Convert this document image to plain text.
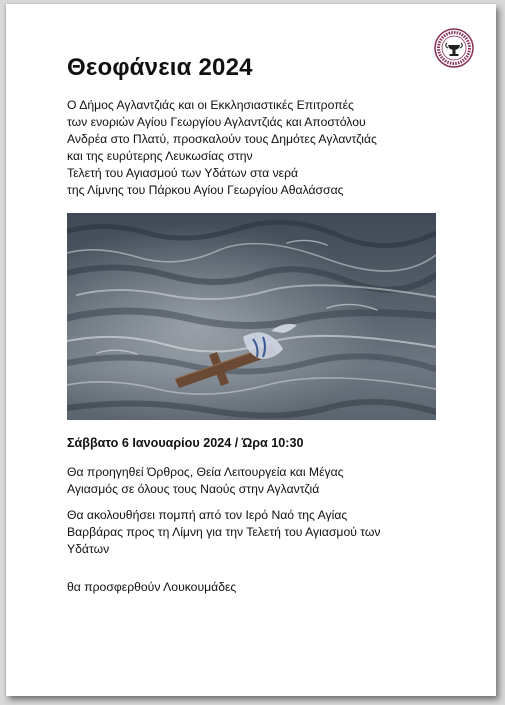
Θεοφάνεια 2024
Ο Δήμος Αγλαντζιάς και οι Εκκλησιαστικές Επιτροπές
των ενοριών Αγίου Γεωργίου Αγλαντζιάς και Αποστόλου
Ανδρέα στο Πλατύ, προσκαλούν τους Δημότες Αγλαντζιάς
και της ευρύτερης Λευκωσίας στην
Τελετή του Αγιασμού των Υδάτων στα νερά
της Λίμνης του Πάρκου Αγίου Γεωργίου Αθαλάσσας
Σάββατο 6 Ιανουαρίου 2024 / Ώρα 10:30
Θα προηγηθεί Όρθρος, Θεία Λειτουργεία και Μέγας
Αγιασμός σε όλους τους Ναούς στην Αγλαντζιά
Θα ακολουθήσει πομπή από τον Ιερό Ναό της Αγίας
Βαρβάρας προς τη Λίμνη για την Τελετή του Αγιασμού των
Υδάτων
θα προσφερθούν Λουκουμάδες
